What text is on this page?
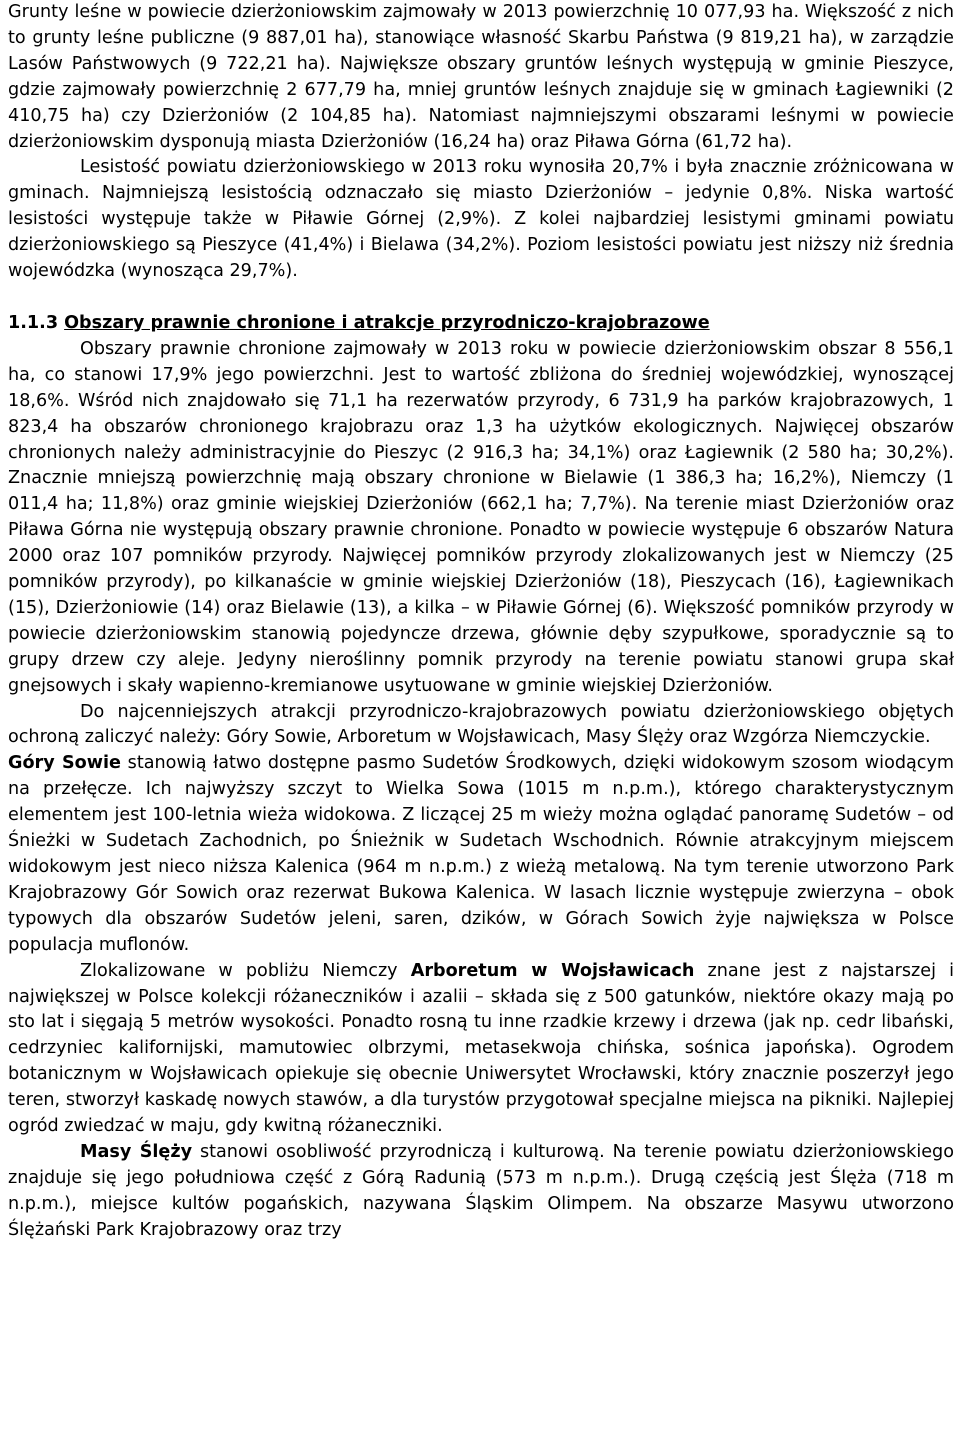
Grunty leśne w powiecie dzierżoniowskim zajmowały w 2013 powierzchnię 10 077,93 ha. Większość z nich to grunty leśne publiczne (9 887,01 ha), stanowiące własność Skarbu Państwa (9 819,21 ha), w zarządzie Lasów Państwowych (9 722,21 ha). Największe obszary gruntów leśnych występują w gminie Pieszyce, gdzie zajmowały powierzchnię 2 677,79 ha, mniej gruntów leśnych znajduje się w gminach Łagiewniki (2 410,75 ha) czy Dzierżoniów (2 104,85 ha). Natomiast najmniejszymi obszarami leśnymi w powiecie dzierżoniowskim dysponują miasta Dzierżoniów (16,24 ha) oraz Piława Górna (61,72 ha).

Lesistość powiatu dzierżoniowskiego w 2013 roku wynosiła 20,7% i była znacznie zróżnicowana w gminach. Najmniejszą lesistością odznaczało się miasto Dzierżoniów – jedynie 0,8%. Niska wartość lesistości występuje także w Piławie Górnej (2,9%). Z kolei najbardziej lesistymi gminami powiatu dzierżoniowskiego są Pieszyce (41,4%) i Bielawa (34,2%). Poziom lesistości powiatu jest niższy niż średnia wojewódzka (wynosząca 29,7%).

1.1.3 Obszary prawnie chronione i atrakcje przyrodniczo-krajobrazowe

Obszary prawnie chronione zajmowały w 2013 roku w powiecie dzierżoniowskim obszar 8 556,1 ha, co stanowi 17,9% jego powierzchni. Jest to wartość zbliżona do średniej wojewódzkiej, wynoszącej 18,6%. Wśród nich znajdowało się 71,1 ha rezerwatów przyrody, 6 731,9 ha parków krajobrazowych, 1 823,4 ha obszarów chronionego krajobrazu oraz 1,3 ha użytków ekologicznych. Najwięcej obszarów chronionych należy administracyjnie do Pieszyc (2 916,3 ha; 34,1%) oraz Łagiewnik (2 580 ha; 30,2%). Znacznie mniejszą powierzchnię mają obszary chronione w Bielawie (1 386,3 ha; 16,2%), Niemczy (1 011,4 ha; 11,8%) oraz gminie wiejskiej Dzierżoniów (662,1 ha; 7,7%). Na terenie miast Dzierżoniów oraz Piława Górna nie występują obszary prawnie chronione. Ponadto w powiecie występuje 6 obszarów Natura 2000 oraz 107 pomników przyrody. Najwięcej pomników przyrody zlokalizowanych jest w Niemczy (25 pomników przyrody), po kilkanaście w gminie wiejskiej Dzierżoniów (18), Pieszycach (16), Łagiewnikach (15), Dzierżoniowie (14) oraz Bielawie (13), a kilka – w Piławie Górnej (6). Większość pomników przyrody w powiecie dzierżoniowskim stanowią pojedyncze drzewa, głównie dęby szypułkowe, sporadycznie są to grupy drzew czy aleje. Jedyny nieroślinny pomnik przyrody na terenie powiatu stanowi grupa skał gnejsowych i skały wapienno-kremianowe usytuowane w gminie wiejskiej Dzierżoniów.

Do najcenniejszych atrakcji przyrodniczo-krajobrazowych powiatu dzierżoniowskiego objętych ochroną zaliczyć należy: Góry Sowie, Arboretum w Wojsławicach, Masy Ślęży oraz Wzgórza Niemczyckie.

Góry Sowie stanowią łatwo dostępne pasmo Sudetów Środkowych, dzięki widokowym szosom wiodącym na przełęcze. Ich najwyższy szczyt to Wielka Sowa (1015 m n.p.m.), którego charakterystycznym elementem jest 100-letnia wieża widokowa. Z liczącej 25 m wieży można oglądać panoramę Sudetów – od Śnieżki w Sudetach Zachodnich, po Śnieżnik w Sudetach Wschodnich. Równie atrakcyjnym miejscem widokowym jest nieco niższa Kalenica (964 m n.p.m.) z wieżą metalową. Na tym terenie utworzono Park Krajobrazowy Gór Sowich oraz rezerwat Bukowa Kalenica. W lasach licznie występuje zwierzyna – obok typowych dla obszarów Sudetów jeleni, saren, dzików, w Górach Sowich żyje największa w Polsce populacja muflonów.

Zlokalizowane w pobliżu Niemczy Arboretum w Wojsławicach znane jest z najstarszej i największej w Polsce kolekcji różaneczników i azalii – składa się z 500 gatunków, niektóre okazy mają po sto lat i sięgają 5 metrów wysokości. Ponadto rosną tu inne rzadkie krzewy i drzewa (jak np. cedr libański, cedrzyniec kalifornijski, mamutowiec olbrzymi, metasekwoja chińska, sośnica japońska). Ogrodem botanicznym w Wojsławicach opiekuje się obecnie Uniwersytet Wrocławski, który znacznie poszerzył jego teren, stworzył kaskadę nowych stawów, a dla turystów przygotował specjalne miejsca na pikniki. Najlepiej ogród zwiedzać w maju, gdy kwitną różaneczniki.

Masy Ślęży stanowi osobliwość przyrodniczą i kulturową. Na terenie powiatu dzierżoniowskiego znajduje się jego południowa część z Górą Radunią (573 m n.p.m.). Drugą częścią jest Ślęża (718 m n.p.m.), miejsce kultów pogańskich, nazywana Śląskim Olimpem. Na obszarze Masywu utworzono Ślężański Park Krajobrazowy oraz trzy
